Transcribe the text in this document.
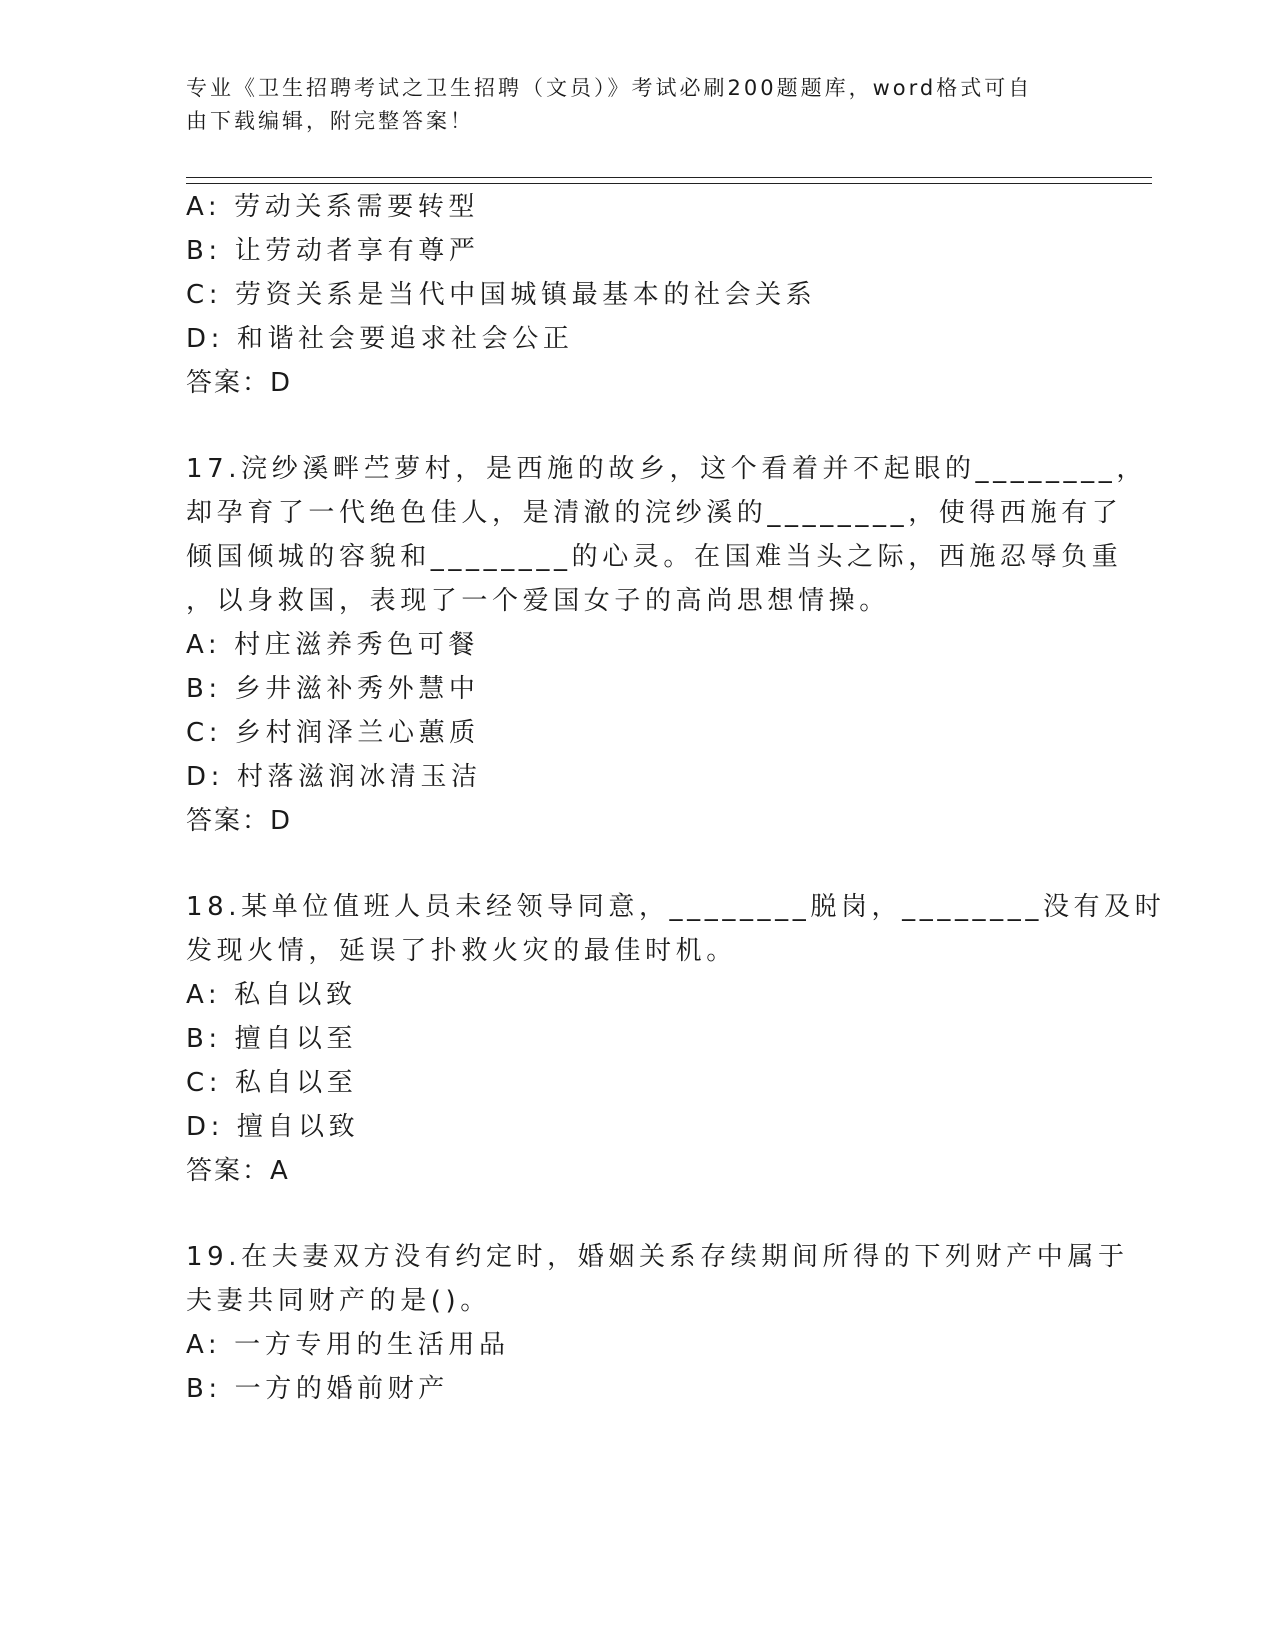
专业《卫生招聘考试之卫生招聘（文员）》考试必刷200题题库，word格式可自
由下载编辑，附完整答案！
A: 劳动关系需要转型
B: 让劳动者享有尊严
C: 劳资关系是当代中国城镇最基本的社会关系
D: 和谐社会要追求社会公正
答案：D
17.浣纱溪畔苎萝村，是西施的故乡，这个看着并不起眼的________，
却孕育了一代绝色佳人，是清澈的浣纱溪的________，使得西施有了
倾国倾城的容貌和________的心灵。在国难当头之际，西施忍辱负重
，以身救国，表现了一个爱国女子的高尚思想情操。
A: 村庄滋养秀色可餐
B: 乡井滋补秀外慧中
C: 乡村润泽兰心蕙质
D: 村落滋润冰清玉洁
答案：D
18.某单位值班人员未经领导同意，________脱岗，________没有及时
发现火情，延误了扑救火灾的最佳时机。
A: 私自以致
B: 擅自以至
C: 私自以至
D: 擅自以致
答案：A
19.在夫妻双方没有约定时，婚姻关系存续期间所得的下列财产中属于
夫妻共同财产的是()。
A: 一方专用的生活用品
B: 一方的婚前财产
